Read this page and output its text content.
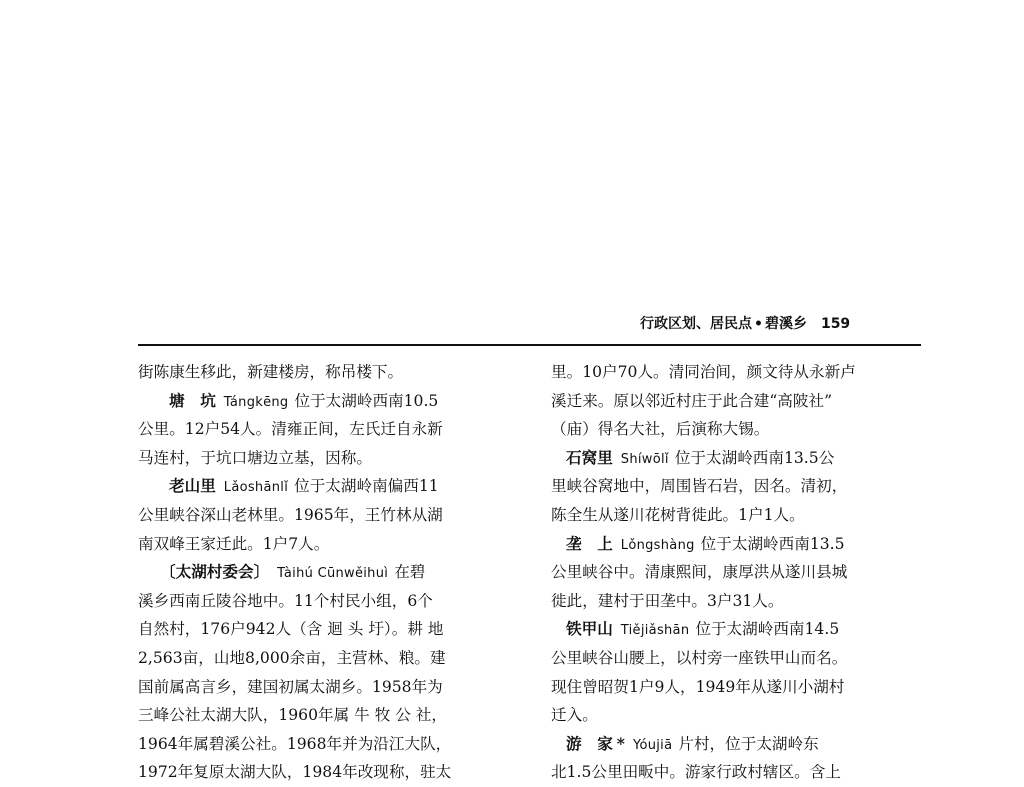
行政区划、居民点 • 碧溪乡 159
街陈康生移此，新建楼房，称吊楼下。
塘　坑 Tángkēng 位于太湖岭西南10.5
公里。12户54人。清雍正间，左氏迁自永新
马连村，于坑口塘边立基，因称。
老山里 Lǎoshānlǐ 位于太湖岭南偏西11
公里峡谷深山老林里。1965年，王竹林从湖
南双峰王家迁此。1户7人。
〔太湖村委会〕 Tàihú Cūnwěihuì 在碧
溪乡西南丘陵谷地中。11个村民小组，6个
自然村，176户942人（含 迴 头 圩）。耕 地
2,563亩，山地8,000余亩，主营林、粮。建
国前属高言乡，建国初属太湖乡。1958年为
三峰公社太湖大队，1960年属 牛 牧 公 社，
1964年属碧溪公社。1968年并为沿江大队，
1972年复原太湖大队，1984年改现称，驻太
里。10户70人。清同治间，颜文待从永新卢
溪迁来。原以邻近村庄于此合建“高陂社”
（庙）得名大社，后演称大锡。
石窝里 Shíwōlǐ 位于太湖岭西南13.5公
里峡谷窝地中，周围皆石岩，因名。清初，
陈全生从遂川花树背徙此。1户1人。
垄　上 Lǒngshàng 位于太湖岭西南13.5
公里峡谷中。清康熙间，康厚洪从遂川县城
徙此，建村于田垄中。3户31人。
铁甲山 Tiějiǎshān 位于太湖岭西南14.5
公里峡谷山腰上，以村旁一座铁甲山而名。
现住曾昭贺1户9人，1949年从遂川小湖村
迁入。
游　家 * Yóujiā 片村，位于太湖岭东
北1.5公里田畈中。游家行政村辖区。含上
